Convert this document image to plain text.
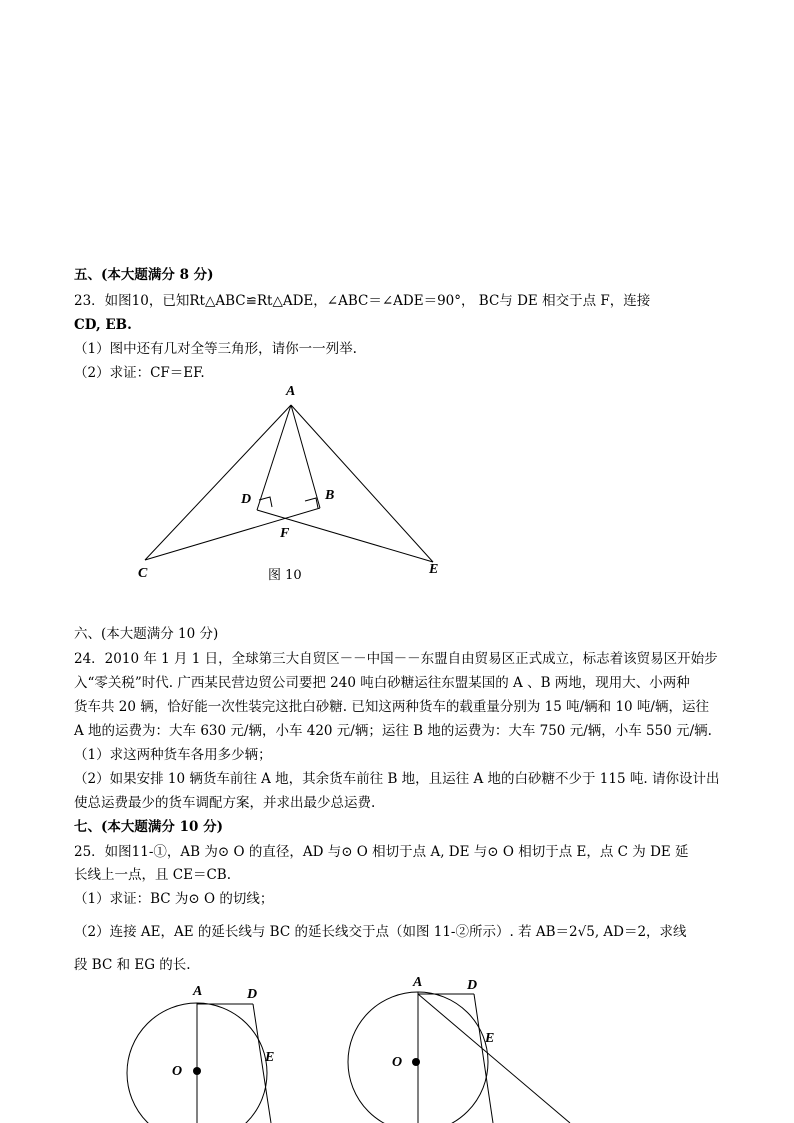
五、(本大题满分 8 分)
23．如图10，已知Rt△ABC≌Rt△ADE，∠ABC＝∠ADE＝90°， BC与 DE 相交于点 F，连接
CD, EB.
（1）图中还有几对全等三角形，请你一一列举.
（2）求证：CF＝EF.
A
D	B
F
C	E
图 10
六、(本大题满分 10 分)
24．2010 年 1 月 1 日，全球第三大自贸区－－中国－－东盟自由贸易区正式成立，标志着该贸易区开始步
入“零关税”时代. 广西某民营边贸公司要把 240 吨白砂糖运往东盟某国的 A 、B 两地，现用大、小两种
货车共 20 辆，恰好能一次性装完这批白砂糖. 已知这两种货车的载重量分别为 15 吨/辆和 10 吨/辆，运往
A 地的运费为：大车 630 元/辆，小车 420 元/辆；运往 B 地的运费为：大车 750 元/辆，小车 550 元/辆.
（1）求这两种货车各用多少辆；
（2）如果安排 10 辆货车前往 A 地，其余货车前往 B 地，且运往 A 地的白砂糖不少于 115 吨. 请你设计出
使总运费最少的货车调配方案，并求出最少总运费.
七、(本大题满分 10 分)
25．如图11-①，AB 为⊙ O 的直径，AD 与⊙ O 相切于点 A, DE 与⊙ O 相切于点 E，点 C 为 DE 延
长线上一点，且 CE＝CB.
（1）求证：BC 为⊙ O 的切线；
（2）连接 AE，AE 的延长线与 BC 的延长线交于点（如图 11-②所示）. 若 AB＝2√5, AD＝2，求线
段 BC 和 EG 的长.
A	D
E
O
A	D
E
O
